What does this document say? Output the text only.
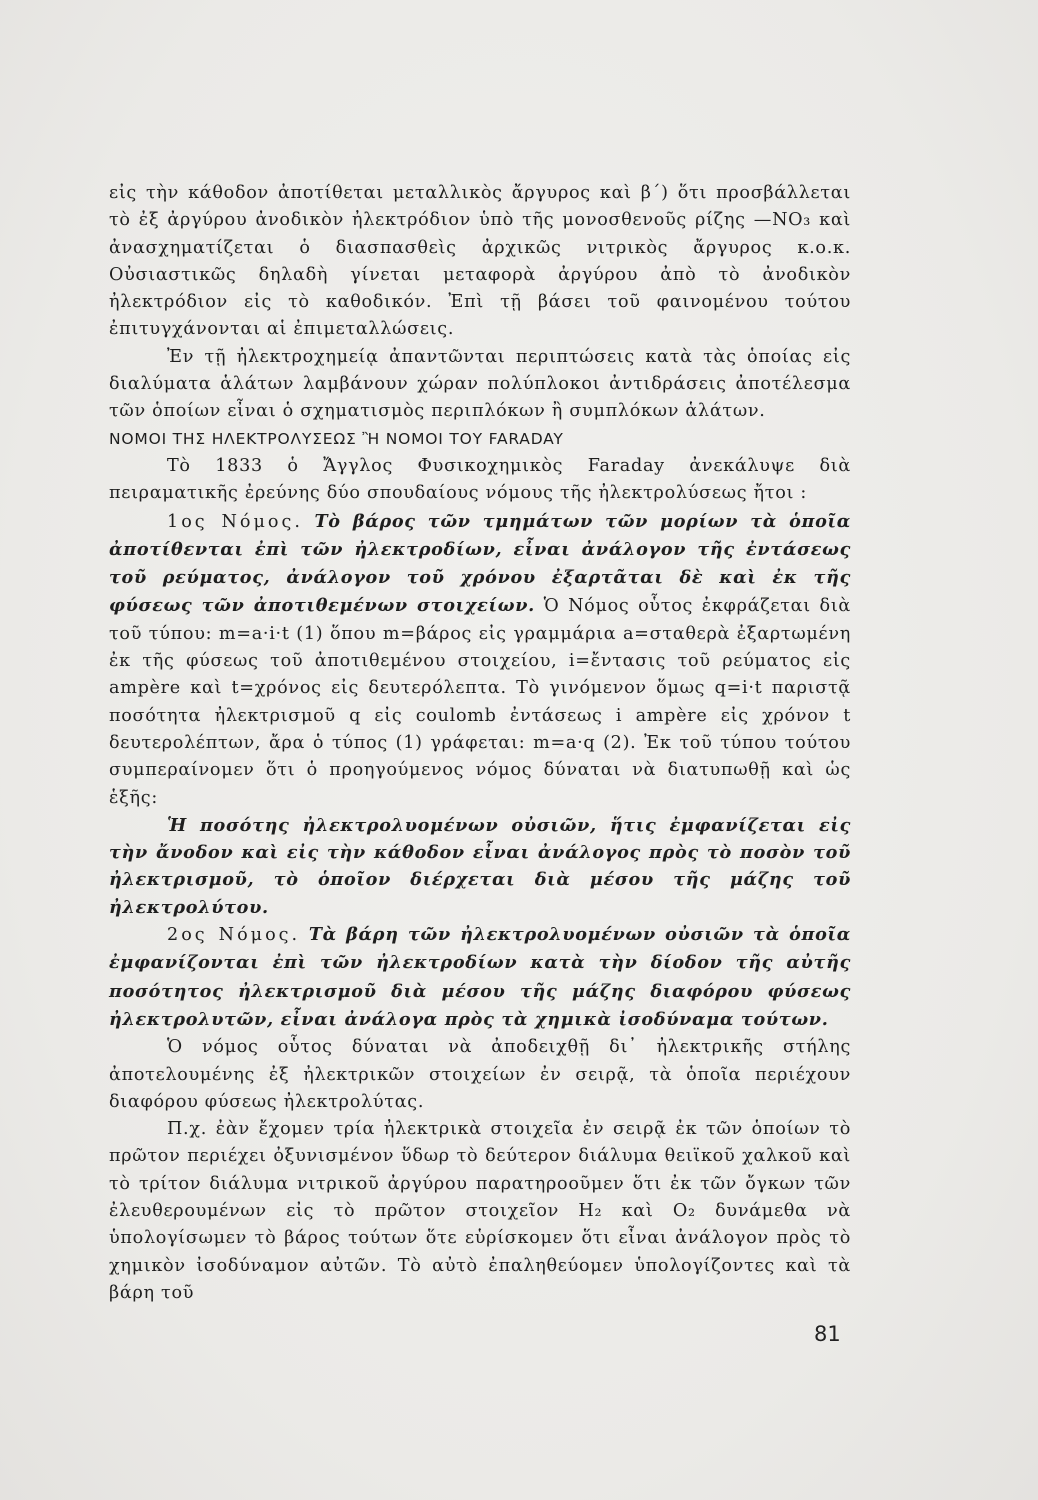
εἰς τὴν κάθοδον ἀποτίθεται μεταλλικὸς ἄργυρος καὶ β΄) ὅτι προσβάλλεται τὸ ἐξ ἀργύρου ἀνοδικὸν ἠλεκτρόδιον ὑπὸ τῆς μονοσθενοῦς ρίζης —NO₃ καὶ ἀνασχηματίζεται ὁ διασπασθεὶς ἀρχικῶς νιτρικὸς ἄργυρος κ.ο.κ. Οὐσιαστικῶς δηλαδὴ γίνεται μεταφορὰ ἀργύρου ἀπὸ τὸ ἀνοδικὸν ἠλεκτρόδιον εἰς τὸ καθοδικόν. Ἐπὶ τῇ βάσει τοῦ φαινομένου τούτου ἐπιτυγχάνονται αἱ ἐπιμεταλλώσεις.

Ἐν τῇ ἠλεκτροχημείᾳ ἀπαντῶνται περιπτώσεις κατὰ τὰς ὁποίας εἰς διαλύματα ἁλάτων λαμβάνουν χώραν πολύπλοκοι ἀντιδράσεις ἀποτέλεσμα τῶν ὁποίων εἶναι ὁ σχηματισμὸς περιπλόκων ἢ συμπλόκων ἁλάτων.

ΝΟΜΟΙ ΤΗΣ ΗΛΕΚΤΡΟΛΥΣΕΩΣ Ἢ ΝΟΜΟΙ ΤΟΥ FARADAY

Τὸ 1833 ὁ Ἄγγλος Φυσικοχημικὸς Faraday ἀνεκάλυψε διὰ πειραματικῆς ἐρεύνης δύο σπουδαίους νόμους τῆς ἠλεκτρολύσεως ἤτοι :

1ος Νόμος. Τὸ βάρος τῶν τμημάτων τῶν μορίων τὰ ὁποῖα ἀποτίθενται ἐπὶ τῶν ἠλεκτροδίων, εἶναι ἀνάλογον τῆς ἐντάσεως τοῦ ρεύματος, ἀνάλογον τοῦ χρόνου ἐξαρτᾶται δὲ καὶ ἐκ τῆς φύσεως τῶν ἀποτιθεμένων στοιχείων. Ὁ Νόμος οὗτος ἐκφράζεται διὰ τοῦ τύπου: m=a·i·t (1) ὅπου m=βάρος εἰς γραμμάρια a=σταθερὰ ἐξαρτωμένη ἐκ τῆς φύσεως τοῦ ἀποτιθεμένου στοιχείου, i=ἔντασις τοῦ ρεύματος εἰς ampère καὶ t=χρόνος εἰς δευτερόλεπτα. Τὸ γινόμενον ὅμως q=i·t παριστᾷ ποσότητα ἠλεκτρισμοῦ q εἰς coulomb ἐντάσεως i ampère εἰς χρόνον t δευτερολέπτων, ἄρα ὁ τύπος (1) γράφεται: m=a·q (2). Ἐκ τοῦ τύπου τούτου συμπεραίνομεν ὅτι ὁ προηγούμενος νόμος δύναται νὰ διατυπωθῇ καὶ ὡς ἑξῆς:

Ἡ ποσότης ἠλεκτρολυομένων οὐσιῶν, ἥτις ἐμφανίζεται εἰς τὴν ἄνοδον καὶ εἰς τὴν κάθοδον εἶναι ἀνάλογος πρὸς τὸ ποσὸν τοῦ ἠλεκτρισμοῦ, τὸ ὁποῖον διέρχεται διὰ μέσου τῆς μάζης τοῦ ἠλεκτρολύτου.

2ος Νόμος. Τὰ βάρη τῶν ἠλεκτρολυομένων οὐσιῶν τὰ ὁποῖα ἐμφανίζονται ἐπὶ τῶν ἠλεκτροδίων κατὰ τὴν δίοδον τῆς αὐτῆς ποσότητος ἠλεκτρισμοῦ διὰ μέσου τῆς μάζης διαφόρου φύσεως ἠλεκτρολυτῶν, εἶναι ἀνάλογα πρὸς τὰ χημικὰ ἰσοδύναμα τούτων.

Ὁ νόμος οὗτος δύναται νὰ ἀποδειχθῇ δι᾽ ἠλεκτρικῆς στήλης ἀποτελουμένης ἐξ ἠλεκτρικῶν στοιχείων ἐν σειρᾷ, τὰ ὁποῖα περιέχουν διαφόρου φύσεως ἠλεκτρολύτας.

Π.χ. ἐὰν ἔχομεν τρία ἠλεκτρικὰ στοιχεῖα ἐν σειρᾷ ἐκ τῶν ὁποίων τὸ πρῶτον περιέχει ὀξυνισμένον ὕδωρ τὸ δεύτερον διάλυμα θειϊκοῦ χαλκοῦ καὶ τὸ τρίτον διάλυμα νιτρικοῦ ἀργύρου παρατηροοῦμεν ὅτι ἐκ τῶν ὄγκων τῶν ἐλευθερουμένων εἰς τὸ πρῶτον στοιχεῖον H₂ καὶ O₂ δυνάμεθα νὰ ὑπολογίσωμεν τὸ βάρος τούτων ὅτε εὑρίσκομεν ὅτι εἶναι ἀνάλογον πρὸς τὸ χημικὸν ἰσοδύναμον αὐτῶν. Τὸ αὐτὸ ἐπαληθεύομεν ὑπολογίζοντες καὶ τὰ βάρη τοῦ

81
